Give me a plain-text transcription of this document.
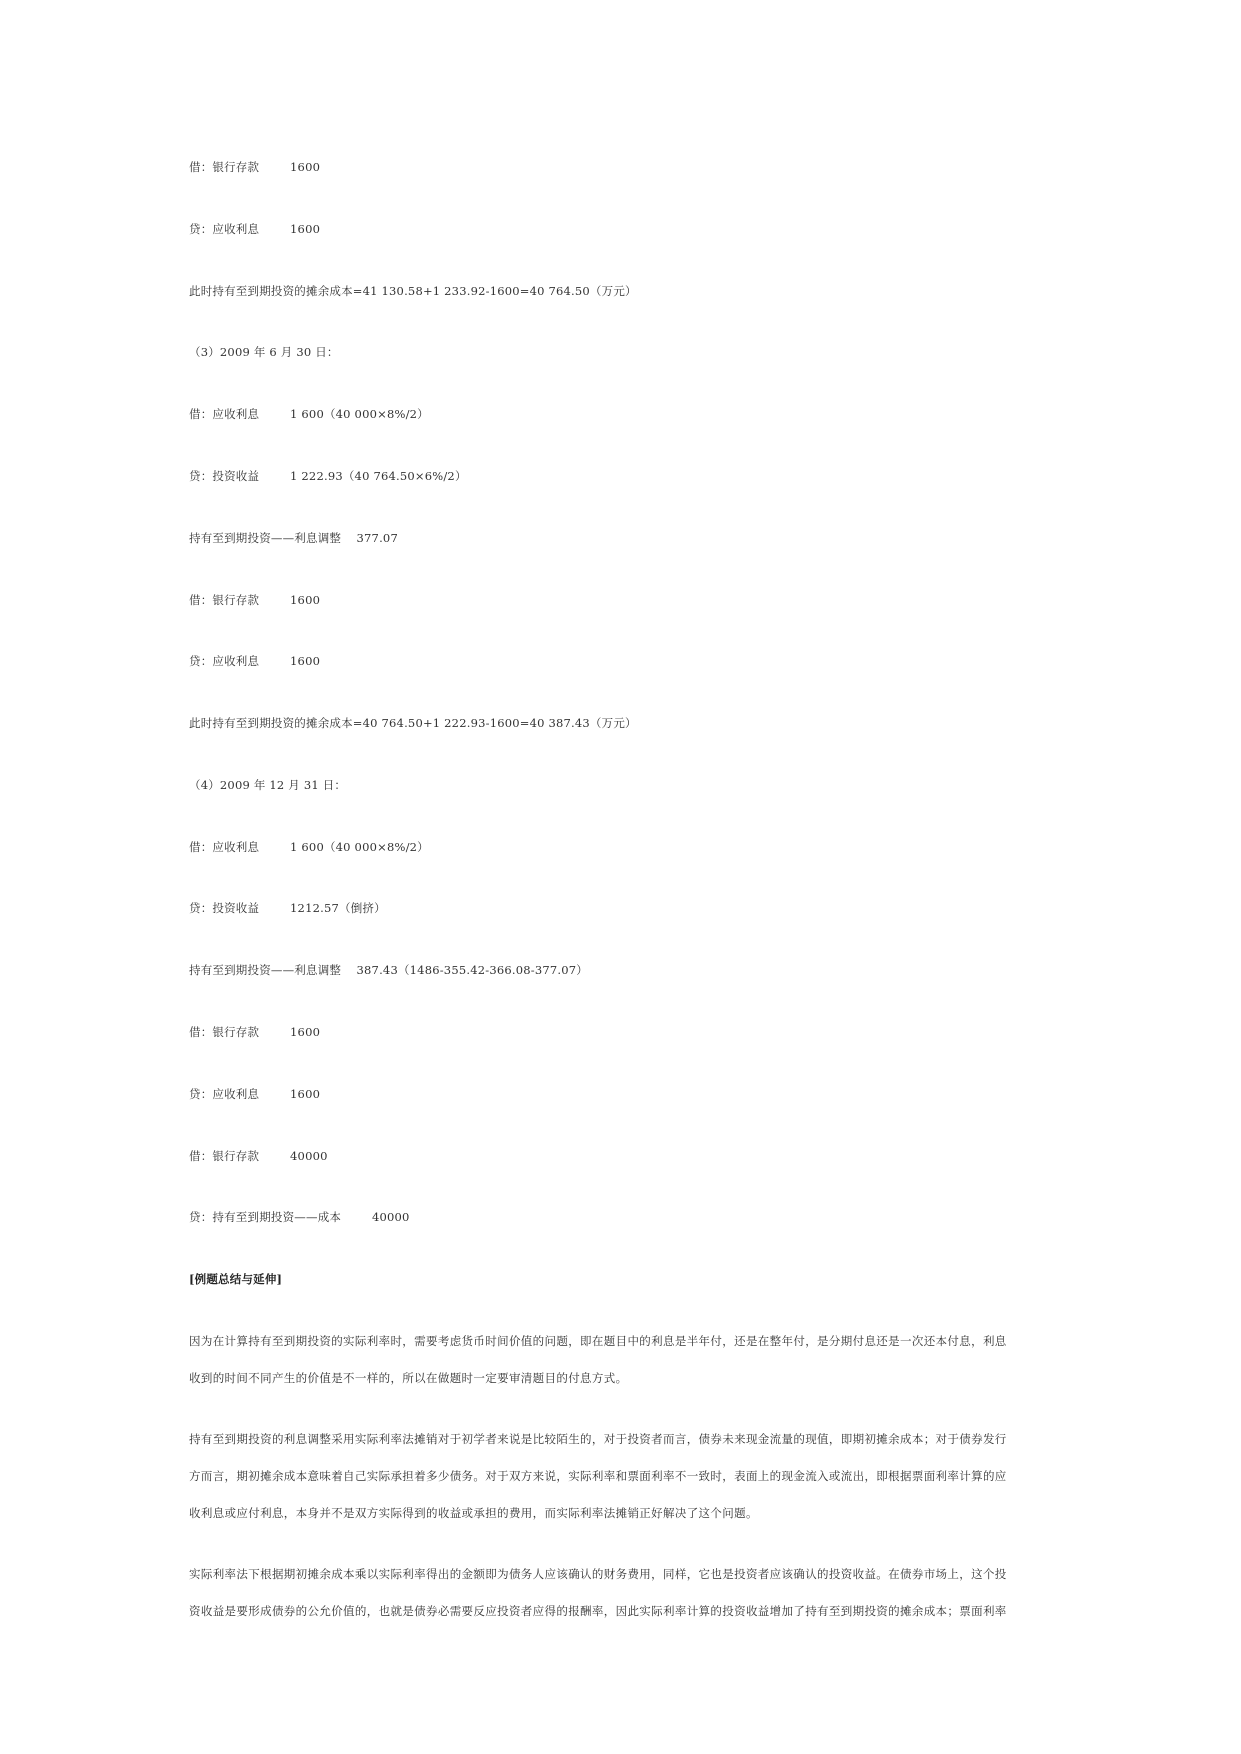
借：银行存款        1600
贷：应收利息        1600
此时持有至到期投资的摊余成本=41 130.58+1 233.92-1600=40 764.50（万元）
（3）2009 年 6 月 30 日：
借：应收利息        1 600（40 000×8%/2）
贷：投资收益        1 222.93（40 764.50×6%/2）
持有至到期投资——利息调整    377.07
借：银行存款        1600
贷：应收利息        1600
此时持有至到期投资的摊余成本=40 764.50+1 222.93-1600=40 387.43（万元）
（4）2009 年 12 月 31 日：
借：应收利息        1 600（40 000×8%/2）
贷：投资收益        1212.57（倒挤）
持有至到期投资——利息调整    387.43（1486-355.42-366.08-377.07）
借：银行存款        1600
贷：应收利息        1600
借：银行存款        40000
贷：持有至到期投资——成本        40000
[例题总结与延伸]
因为在计算持有至到期投资的实际利率时，需要考虑货币时间价值的问题，即在题目中的利息是半年付，还是在整年付，是分期付息还是一次还本付息，利息
收到的时间不同产生的价值是不一样的，所以在做题时一定要审清题目的付息方式。
持有至到期投资的利息调整采用实际利率法摊销对于初学者来说是比较陌生的，对于投资者而言，债券未来现金流量的现值，即期初摊余成本；对于债券发行
方而言，期初摊余成本意味着自己实际承担着多少债务。对于双方来说，实际利率和票面利率不一致时，表面上的现金流入或流出，即根据票面利率计算的应
收利息或应付利息，本身并不是双方实际得到的收益或承担的费用，而实际利率法摊销正好解决了这个问题。
实际利率法下根据期初摊余成本乘以实际利率得出的金额即为债务人应该确认的财务费用，同样，它也是投资者应该确认的投资收益。在债券市场上，这个投
资收益是要形成债券的公允价值的，也就是债券必需要反应投资者应得的报酬率，因此实际利率计算的投资收益增加了持有至到期投资的摊余成本；票面利率
